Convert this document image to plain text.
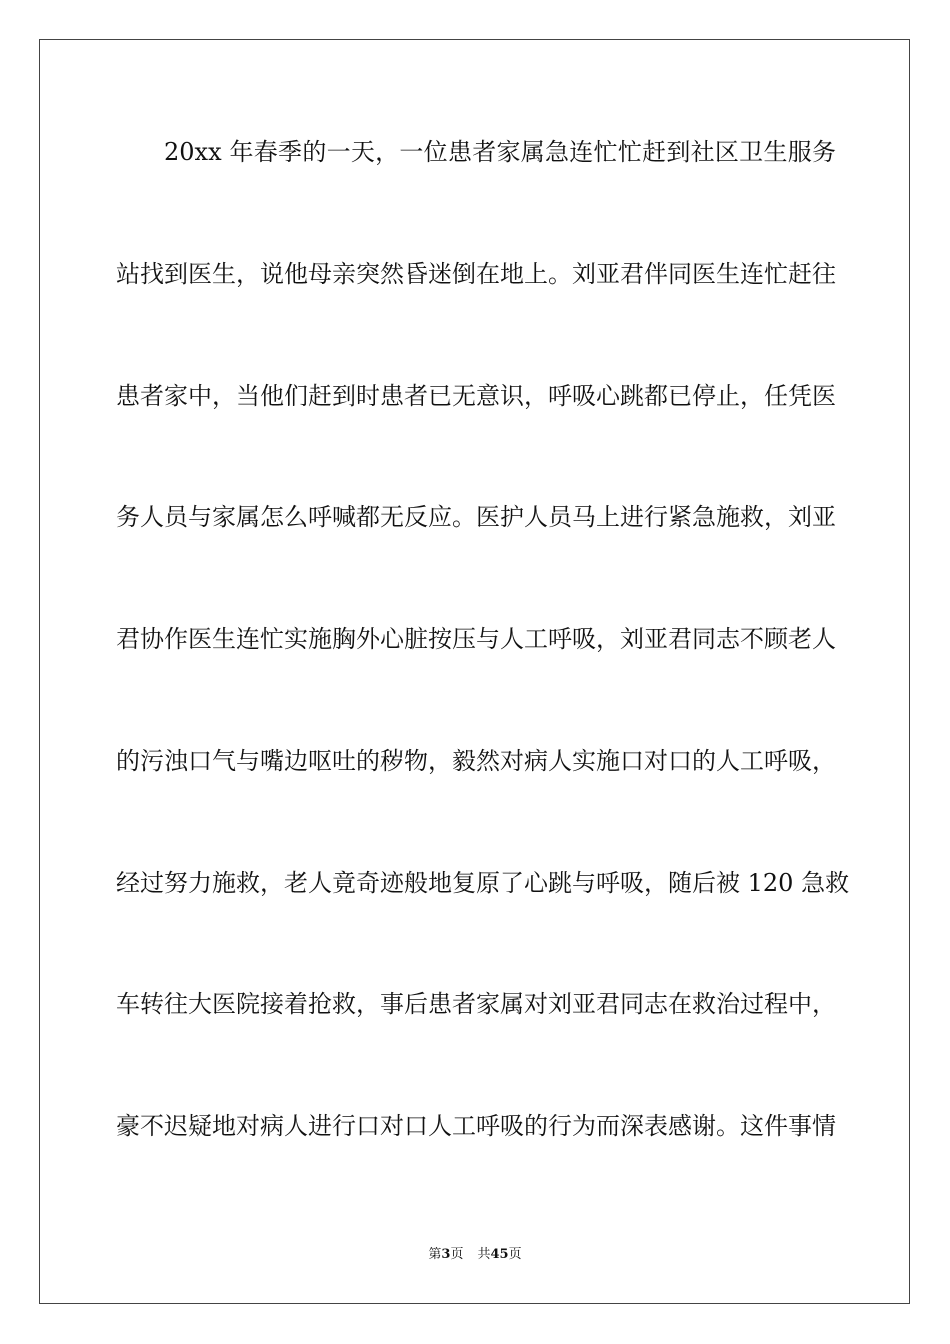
20xx 年春季的一天，一位患者家属急连忙忙赶到社区卫生服务
站找到医生，说他母亲突然昏迷倒在地上。刘亚君伴同医生连忙赶往
患者家中，当他们赶到时患者已无意识，呼吸心跳都已停止，任凭医
务人员与家属怎么呼喊都无反应。医护人员马上进行紧急施救，刘亚
君协作医生连忙实施胸外心脏按压与人工呼吸，刘亚君同志不顾老人
的污浊口气与嘴边呕吐的秽物，毅然对病人实施口对口的人工呼吸，
经过努力施救，老人竟奇迹般地复原了心跳与呼吸，随后被 120 急救
车转往大医院接着抢救，事后患者家属对刘亚君同志在救治过程中，
豪不迟疑地对病人进行口对口人工呼吸的行为而深表感谢。这件事情
第3页 共45页
